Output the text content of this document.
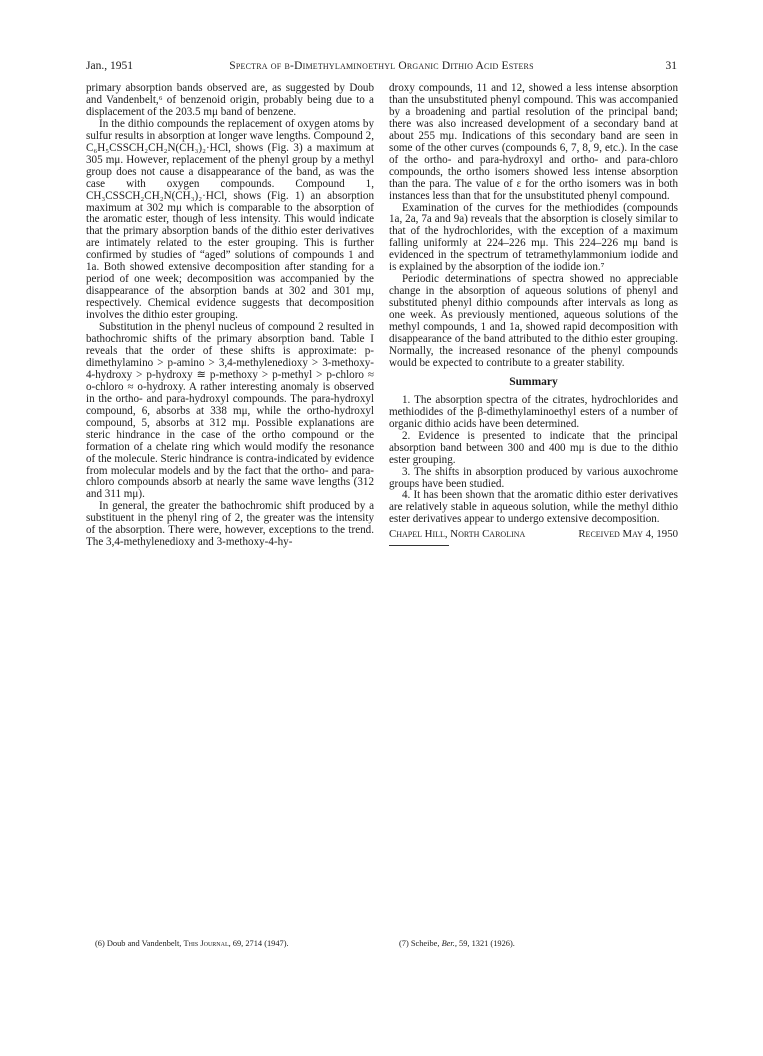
Jan., 1951	Spectra of β-Dimethylaminoethyl Organic Dithio Acid Esters	31

primary absorption bands observed are, as suggested by Doub and Vandenbelt,⁶ of benzenoid origin, probably being due to a displacement of the 203.5 mμ band of benzene.

In the dithio compounds the replacement of oxygen atoms by sulfur results in absorption at longer wave lengths. Compound 2, C₆H₅CSSCH₂CH₂N(CH₃)₂·HCl, shows (Fig. 3) a maximum at 305 mμ. However, replacement of the phenyl group by a methyl group does not cause a disappearance of the band, as was the case with oxygen compounds. Compound 1, CH₃CSSCH₂CH₂N(CH₃)₂·HCl, shows (Fig. 1) an absorption maximum at 302 mμ which is comparable to the absorption of the aromatic ester, though of less intensity. This would indicate that the primary absorption bands of the dithio ester derivatives are intimately related to the ester grouping. This is further confirmed by studies of “aged” solutions of compounds 1 and 1a. Both showed extensive decomposition after standing for a period of one week; decomposition was accompanied by the disappearance of the absorption bands at 302 and 301 mμ, respectively. Chemical evidence suggests that decomposition involves the dithio ester grouping.

Substitution in the phenyl nucleus of compound 2 resulted in bathochromic shifts of the primary absorption band. Table I reveals that the order of these shifts is approximate: p-dimethylamino > p-amino > 3,4-methylenedioxy > 3-methoxy-4-hydroxy > p-hydroxy ≊ p-methoxy > p-methyl > p-chloro ≈ o-chloro ≈ o-hydroxy. A rather interesting anomaly is observed in the ortho- and para-hydroxyl compounds. The para-hydroxyl compound, 6, absorbs at 338 mμ, while the ortho-hydroxyl compound, 5, absorbs at 312 mμ. Possible explanations are steric hindrance in the case of the ortho compound or the formation of a chelate ring which would modify the resonance of the molecule. Steric hindrance is contra-indicated by evidence from molecular models and by the fact that the ortho- and para-chloro compounds absorb at nearly the same wave lengths (312 and 311 mμ).

In general, the greater the bathochromic shift produced by a substituent in the phenyl ring of 2, the greater was the intensity of the absorption. There were, however, exceptions to the trend. The 3,4-methylenedioxy and 3-methoxy-4-hy-

droxy compounds, 11 and 12, showed a less intense absorption than the unsubstituted phenyl compound. This was accompanied by a broadening and partial resolution of the principal band; there was also increased development of a secondary band at about 255 mμ. Indications of this secondary band are seen in some of the other curves (compounds 6, 7, 8, 9, etc.). In the case of the ortho- and para-hydroxyl and ortho- and para-chloro compounds, the ortho isomers showed less intense absorption than the para. The value of ε for the ortho isomers was in both instances less than that for the unsubstituted phenyl compound.

Examination of the curves for the methiodides (compounds 1a, 2a, 7a and 9a) reveals that the absorption is closely similar to that of the hydrochlorides, with the exception of a maximum falling uniformly at 224–226 mμ. This 224–226 mμ band is evidenced in the spectrum of tetramethylammonium iodide and is explained by the absorption of the iodide ion.⁷

Periodic determinations of spectra showed no appreciable change in the absorption of aqueous solutions of phenyl and substituted phenyl dithio compounds after intervals as long as one week. As previously mentioned, aqueous solutions of the methyl compounds, 1 and 1a, showed rapid decomposition with disappearance of the band attributed to the dithio ester grouping. Normally, the increased resonance of the phenyl compounds would be expected to contribute to a greater stability.

Summary

1. The absorption spectra of the citrates, hydrochlorides and methiodides of the β-dimethylaminoethyl esters of a number of organic dithio acids have been determined.

2. Evidence is presented to indicate that the principal absorption band between 300 and 400 mμ is due to the dithio ester grouping.

3. The shifts in absorption produced by various auxochrome groups have been studied.

4. It has been shown that the aromatic dithio ester derivatives are relatively stable in aqueous solution, while the methyl dithio ester derivatives appear to undergo extensive decomposition.

Chapel Hill, North Carolina	Received May 4, 1950
(6) Doub and Vandenbelt, This Journal, 69, 2714 (1947).	(7) Scheibe, Ber., 59, 1321 (1926).
